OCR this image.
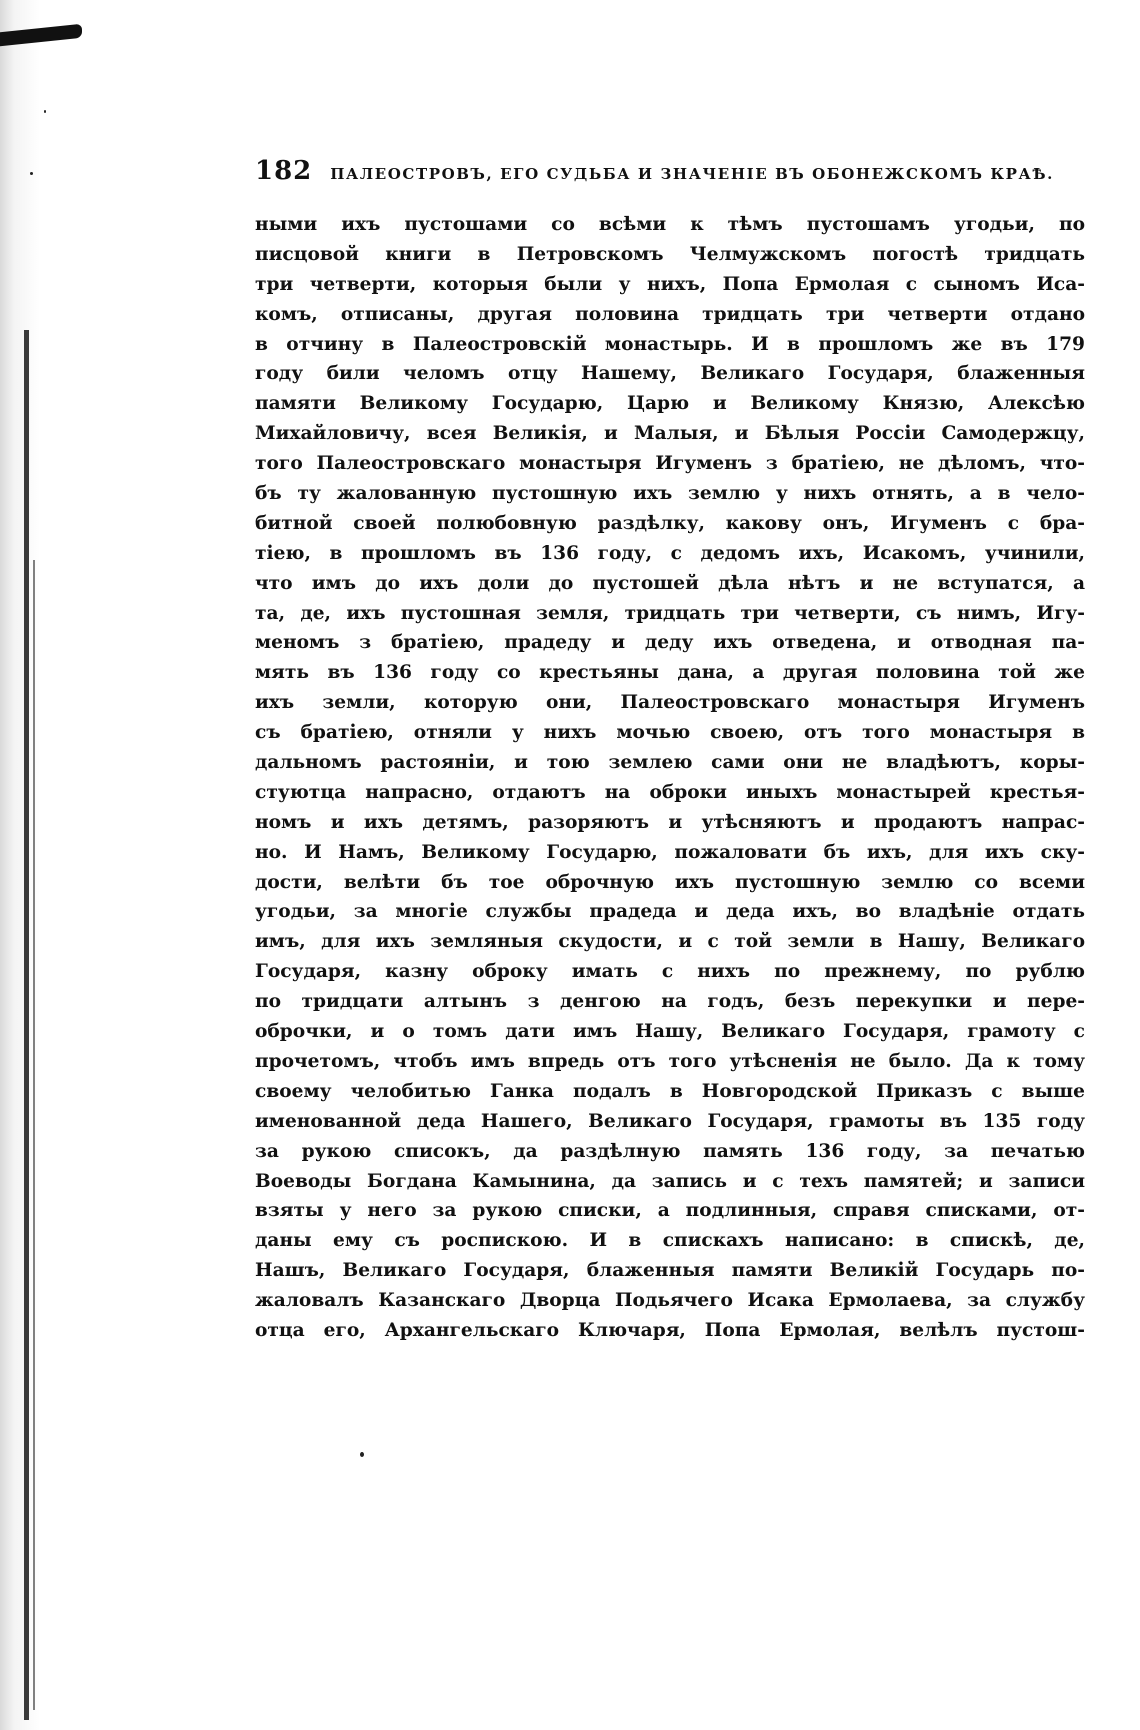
182 ПАЛЕОСТРОВЪ, ЕГО СУДЬБА И ЗНАЧЕНІЕ ВЪ ОБОНЕЖСКОМЪ КРАѢ.
ными ихъ пустошами со всѣми к тѣмъ пустошамъ угодьи, по
писцовой книги в Петровскомъ Челмужскомъ погостѣ тридцать
три четверти, которыя были у нихъ, Попа Ермолая с сыномъ Иса-
комъ, отписаны, другая половина тридцать три четверти отдано
в отчину в Палеостровскій монастырь. И в прошломъ же въ 179
году били челомъ отцу Нашему, Великаго Государя, блаженныя
памяти Великому Государю, Царю и Великому Князю, Алексѣю
Михайловичу, всея Великія, и Малыя, и Бѣлыя Россіи Самодержцу,
того Палеостровскаго монастыря Игуменъ з братіею, не дѣломъ, что-
бъ ту жалованную пустошную ихъ землю у нихъ отнять, а в чело-
битной своей полюбовную раздѣлку, какову онъ, Игуменъ с бра-
тіею, в прошломъ въ 136 году, с дедомъ ихъ, Исакомъ, учинили,
что имъ до ихъ доли до пустошей дѣла нѣтъ и не вступатся, а
та, де, ихъ пустошная земля, тридцать три четверти, съ нимъ, Игу-
меномъ з братіею, прадеду и деду ихъ отведена, и отводная па-
мять въ 136 году со крестьяны дана, а другая половина той же
ихъ земли, которую они, Палеостровскаго монастыря Игуменъ
съ братіею, отняли у нихъ мочью своею, отъ того монастыря в
дальномъ растояніи, и тою землею сами они не владѣютъ, коры-
стуютца напрасно, отдаютъ на оброки иныхъ монастырей крестья-
номъ и ихъ детямъ, разоряютъ и утѣсняютъ и продаютъ напрас-
но. И Намъ, Великому Государю, пожаловати бъ ихъ, для ихъ ску-
дости, велѣти бъ тое оброчную ихъ пустошную землю со всеми
угодьи, за многіе службы прадеда и деда ихъ, во владѣніе отдать
имъ, для ихъ земляныя скудости, и с той земли в Нашу, Великаго
Государя, казну оброку имать с нихъ по прежнему, по рублю
по тридцати алтынъ з денгою на годъ, безъ перекупки и пере-
оброчки, и о томъ дати имъ Нашу, Великаго Государя, грамоту с
прочетомъ, чтобъ имъ впредь отъ того утѣсненія не было. Да к тому
своему челобитью Ганка подалъ в Новгородской Приказъ с выше
именованной деда Нашего, Великаго Государя, грамоты въ 135 году
за рукою списокъ, да раздѣлную память 136 году, за печатью
Воеводы Богдана Камынина, да запись и с техъ памятей; и записи
взяты у него за рукою списки, а подлинныя, справя списками, от-
даны ему съ роспискою. И в спискахъ написано: в спискѣ, де,
Нашъ, Великаго Государя, блаженныя памяти Великій Государь по-
жаловалъ Казанскаго Дворца Подьячего Исака Ермолаева, за службу
отца его, Архангельскаго Ключаря, Попа Ермолая, велѣлъ пустош-
